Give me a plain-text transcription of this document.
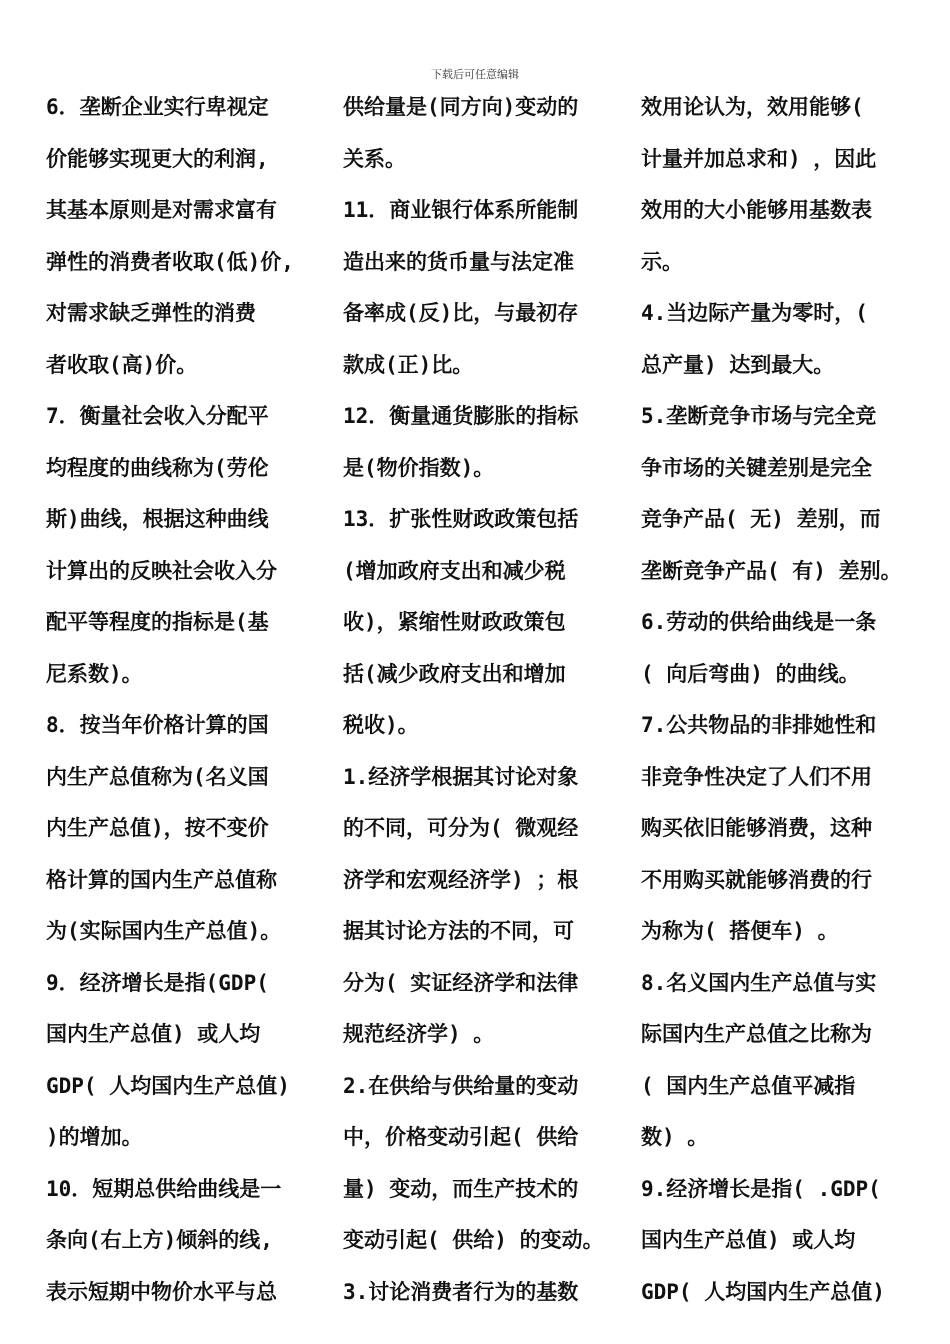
下载后可任意编辑
6．垄断企业实行卑视定
价能够实现更大的利润,
其基本原则是对需求富有
弹性的消费者收取(低)价,
对需求缺乏弹性的消费
者收取(高)价。
7．衡量社会收入分配平
均程度的曲线称为(劳伦
斯)曲线，根据这种曲线
计算出的反映社会收入分
配平等程度的指标是(基
尼系数)。
8．按当年价格计算的国
内生产总值称为(名义国
内生产总值)，按不变价
格计算的国内生产总值称
为(实际国内生产总值)。
9．经济增长是指(GDP(
国内生产总值) 或人均
GDP( 人均国内生产总值)
)的增加。
10．短期总供给曲线是一
条向(右上方)倾斜的线,
表示短期中物价水平与总
供给量是(同方向)变动的
关系。
11．商业银行体系所能制
造出来的货币量与法定准
备率成(反)比，与最初存
款成(正)比。
12．衡量通货膨胀的指标
是(物价指数)。
13．扩张性财政政策包括
(增加政府支出和减少税
收)，紧缩性财政政策包
括(减少政府支出和增加
税收)。
1.经济学根据其讨论对象
的不同，可分为( 微观经
济学和宏观经济学) ；根
据其讨论方法的不同，可
分为( 实证经济学和法律
规范经济学) 。
2.在供给与供给量的变动
中，价格变动引起( 供给
量) 变动，而生产技术的
变动引起( 供给) 的变动。
3.讨论消费者行为的基数
效用论认为，效用能够(
计量并加总求和) ，因此
效用的大小能够用基数表
示。
4.当边际产量为零时，(
总产量) 达到最大。
5.垄断竞争市场与完全竞
争市场的关键差别是完全
竞争产品( 无) 差别，而
垄断竞争产品( 有) 差别。
6.劳动的供给曲线是一条
( 向后弯曲) 的曲线。
7.公共物品的非排她性和
非竞争性决定了人们不用
购买依旧能够消费，这种
不用购买就能够消费的行
为称为( 搭便车) 。
8.名义国内生产总值与实
际国内生产总值之比称为
( 国内生产总值平减指
数) 。
9.经济增长是指( .GDP(
国内生产总值) 或人均
GDP( 人均国内生产总值)
